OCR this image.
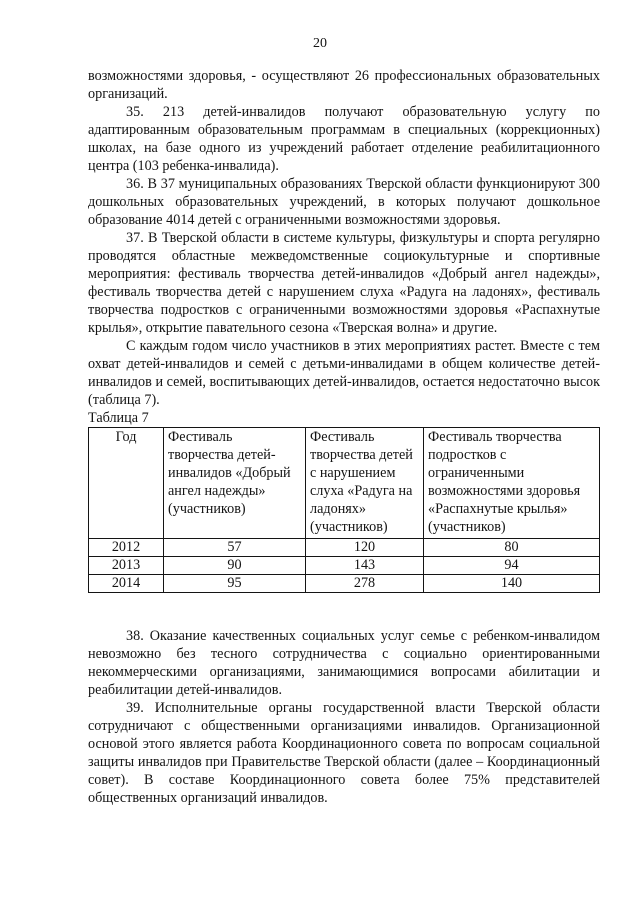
20

возможностями здоровья, - осуществляют 26 профессиональных образовательных организаций.

35. 213 детей-инвалидов получают образовательную услугу по адаптированным образовательным программам в специальных (коррекционных) школах, на базе одного из учреждений работает отделение реабилитационного центра (103 ребенка-инвалида).

36. В 37 муниципальных образованиях Тверской области функционируют 300 дошкольных образовательных учреждений, в которых получают дошкольное образование 4014 детей с ограниченными возможностями здоровья.

37. В Тверской области в системе культуры, физкультуры и спорта регулярно проводятся областные межведомственные социокультурные и спортивные мероприятия: фестиваль творчества детей-инвалидов «Добрый ангел надежды», фестиваль творчества детей с нарушением слуха «Радуга на ладонях», фестиваль творчества подростков с ограниченными возможностями здоровья «Распахнутые крылья», открытие паватeльного сезона «Тверская волна» и другие.

С каждым годом число участников в этих мероприятиях растет. Вместе с тем охват детей-инвалидов и семей с детьми-инвалидами в общем количестве детей-инвалидов и семей, воспитывающих детей-инвалидов, остается недостаточно высок (таблица 7).

Таблица 7

Год	Фестиваль творчества детей-инвалидов «Добрый ангел надежды» (участников)	Фестиваль творчества детей с нарушением слуха «Радуга на ладонях» (участников)	Фестиваль творчества подростков с ограниченными возможностями здоровья «Распахнутые крылья» (участников)
2012	57	120	80
2013	90	143	94
2014	95	278	140

38. Оказание качественных социальных услуг семье с ребенком-инвалидом невозможно без тесного сотрудничества с социально ориентированными некоммерческими организациями, занимающимися вопросами абилитации и реабилитации детей-инвалидов.

39. Исполнительные органы государственной власти Тверской области сотрудничают с общественными организациями инвалидов. Организационной основой этого является работа Координационного совета по вопросам социальной защиты инвалидов при Правительстве Тверской области (далее – Координационный совет). В составе Координационного совета более 75% представителей общественных организаций инвалидов.
